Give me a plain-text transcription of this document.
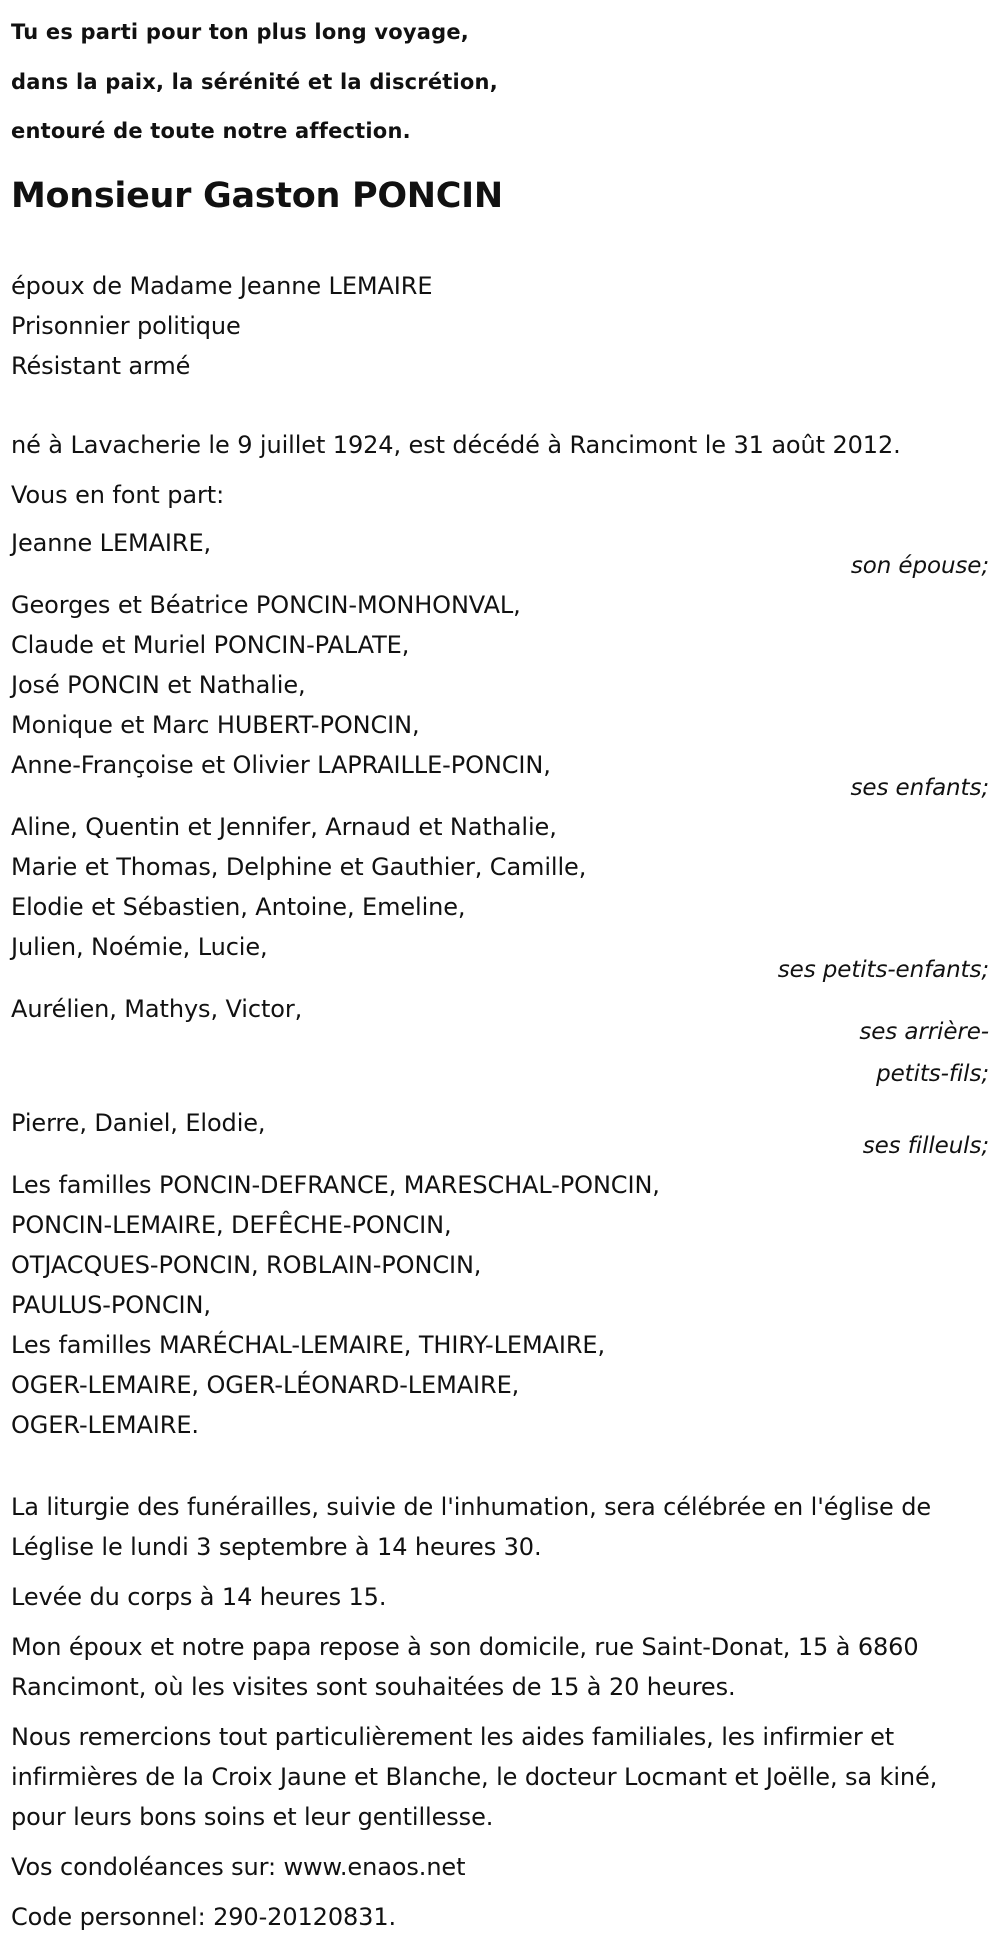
Tu es parti pour ton plus long voyage,
dans la paix, la sérénité et la discrétion,
entouré de toute notre affection.
Monsieur Gaston PONCIN
époux de Madame Jeanne LEMAIRE
Prisonnier politique
Résistant armé
né à Lavacherie le 9 juillet 1924, est décédé à Rancimont le 31 août 2012.
Vous en font part:
Jeanne LEMAIRE,
son épouse;
Georges et Béatrice PONCIN-MONHONVAL,
Claude et Muriel PONCIN-PALATE,
José PONCIN et Nathalie,
Monique et Marc HUBERT-PONCIN,
Anne-Françoise et Olivier LAPRAILLE-PONCIN,
ses enfants;
Aline, Quentin et Jennifer, Arnaud et Nathalie,
Marie et Thomas, Delphine et Gauthier, Camille,
Elodie et Sébastien, Antoine, Emeline,
Julien, Noémie, Lucie,
ses petits-enfants;
Aurélien, Mathys, Victor,
ses arrière-petits-fils;
Pierre, Daniel, Elodie,
ses filleuls;
Les familles PONCIN-DEFRANCE, MARESCHAL-PONCIN,
PONCIN-LEMAIRE, DEFÊCHE-PONCIN,
OTJACQUES-PONCIN, ROBLAIN-PONCIN,
PAULUS-PONCIN,
Les familles MARÉCHAL-LEMAIRE, THIRY-LEMAIRE,
OGER-LEMAIRE, OGER-LÉONARD-LEMAIRE,
OGER-LEMAIRE.

La liturgie des funérailles, suivie de l'inhumation, sera célébrée en l'église de Léglise le lundi 3 septembre à 14 heures 30.

Levée du corps à 14 heures 15.

Mon époux et notre papa repose à son domicile, rue Saint-Donat, 15 à 6860 Rancimont, où les visites sont souhaitées de 15 à 20 heures.

Nous remercions tout particulièrement les aides familiales, les infirmier et infirmières de la Croix Jaune et Blanche, le docteur Locmant et Joëlle, sa kiné, pour leurs bons soins et leur gentillesse.

Vos condoléances sur: www.enaos.net

Code personnel: 290-20120831.
